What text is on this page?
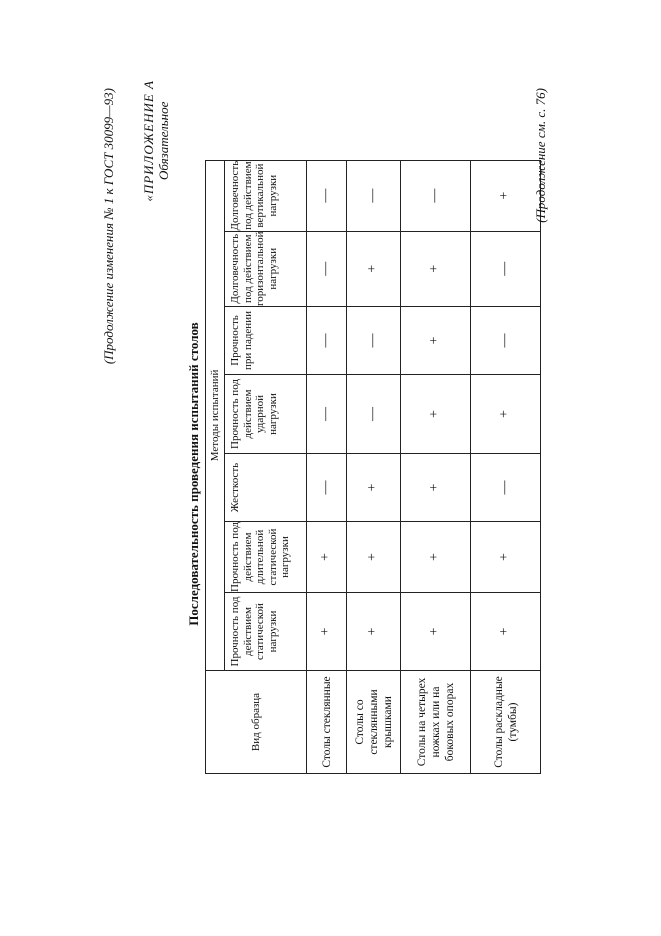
(Продолжение изменения № 1 к ГОСТ 30099—93) «ПРИЛОЖЕНИЕ А Обязательное
Последовательность проведения испытаний столов
Вид образца	Методы испытаний						
	Прочность под действием статической нагрузки	Прочность под действием длительной статической нагрузки	Жесткость	Прочность под действием ударной нагрузки	Прочность при падении	Долговечность под действием горизонтальной нагрузки	Долговечность под действием вертикальной нагрузки
Столы стеклянные	+	+	—	—	—	—	—
Столы со стеклянными крышками	+	+	+	—	—	+	—
Столы на четырех ножках или на боковых опорах	+	+	+	+	+	+	—
Столы раскладные (тумбы)	+	+	—	+	—	—	+ (Продолжение см. с. 76)
